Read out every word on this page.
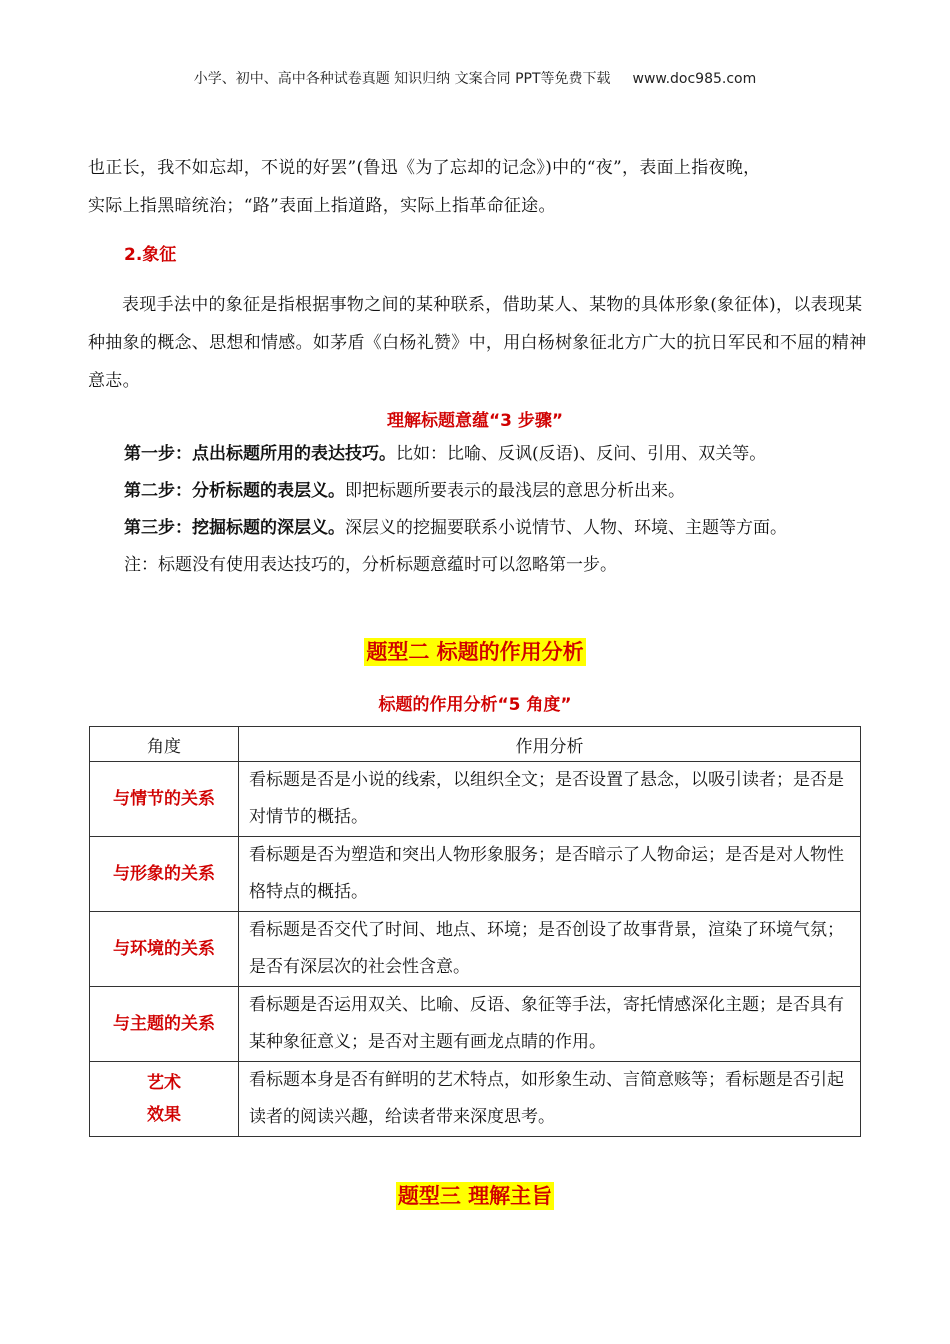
小学、初中、高中各种试卷真题 知识归纳 文案合同 PPT等免费下载 www.doc985.com
也正长，我不如忘却，不说的好罢”(鲁迅《为了忘却的记念》)中的“夜”，表面上指夜晚，
实际上指黑暗统治；“路”表面上指道路，实际上指革命征途。
2.象征
表现手法中的象征是指根据事物之间的某种联系，借助某人、某物的具体形象(象征体)，以表现某种抽象的概念、思想和情感。如茅盾《白杨礼赞》中，用白杨树象征北方广大的抗日军民和不屈的精神意志。
理解标题意蕴“3 步骤”
第一步：点出标题所用的表达技巧。比如：比喻、反讽(反语)、反问、引用、双关等。
第二步：分析标题的表层义。即把标题所要表示的最浅层的意思分析出来。
第三步：挖掘标题的深层义。深层义的挖掘要联系小说情节、人物、环境、主题等方面。
注：标题没有使用表达技巧的，分析标题意蕴时可以忽略第一步。
题型二 标题的作用分析
标题的作用分析“5 角度”
角度	作用分析
与情节的关系	看标题是否是小说的线索，以组织全文；是否设置了悬念，以吸引读者；是否是对情节的概括。
与形象的关系	看标题是否为塑造和突出人物形象服务；是否暗示了人物命运；是否是对人物性格特点的概括。
与环境的关系	看标题是否交代了时间、地点、环境；是否创设了故事背景，渲染了环境气氛；是否有深层次的社会性含意。
与主题的关系	看标题是否运用双关、比喻、反语、象征等手法，寄托情感深化主题；是否具有某种象征意义；是否对主题有画龙点睛的作用。

艺术
效果	看标题本身是否有鲜明的艺术特点，如形象生动、言简意赅等；看标题是否引起读者的阅读兴趣，给读者带来深度思考。
题型三 理解主旨
